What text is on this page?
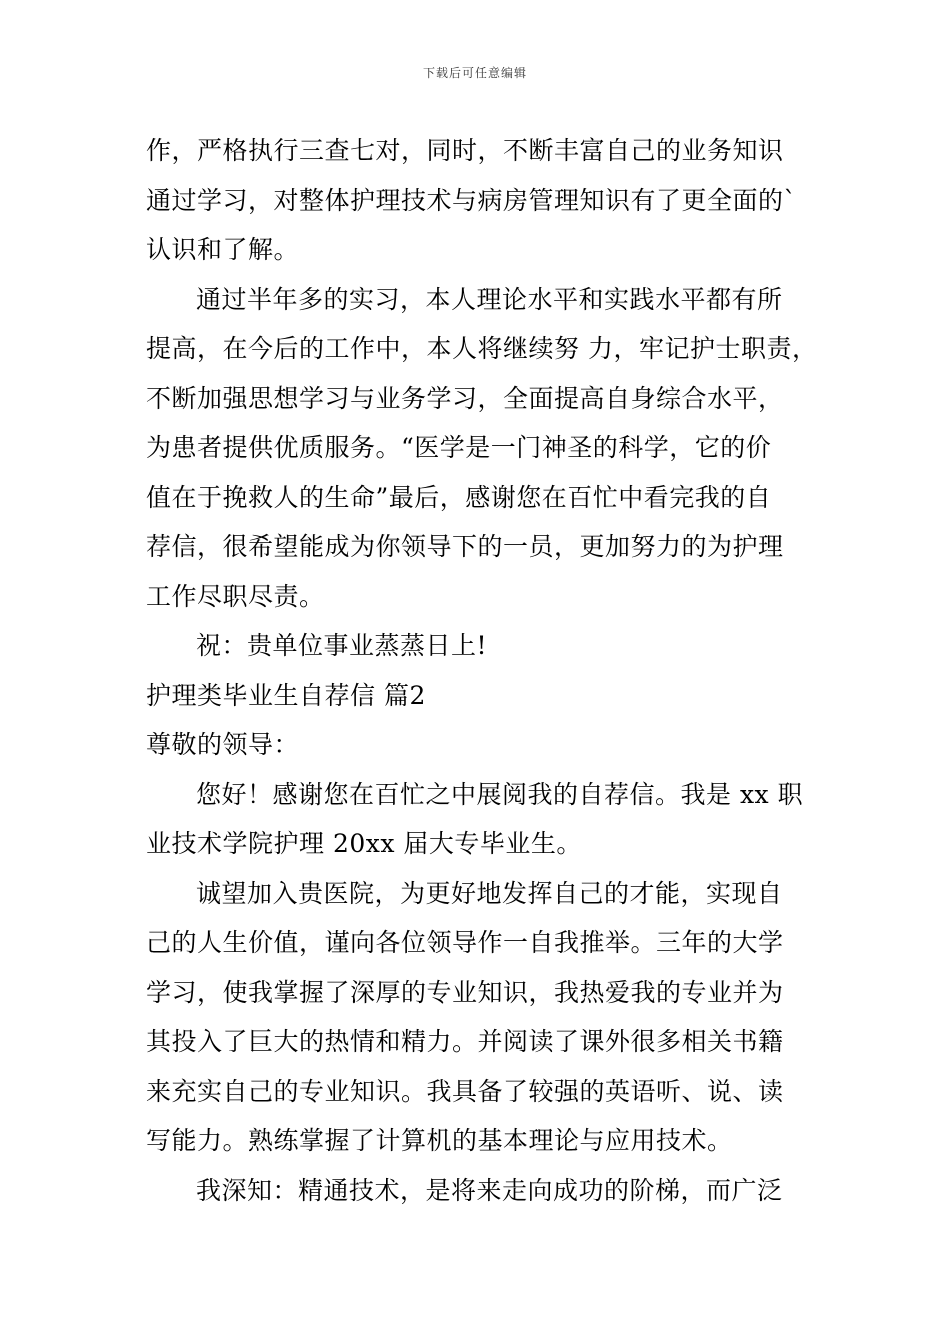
下载后可任意编辑
作，严格执行三查七对，同时，不断丰富自己的业务知识
通过学习，对整体护理技术与病房管理知识有了更全面的`
认识和了解。
通过半年多的实习，本人理论水平和实践水平都有所
提高，在今后的工作中，本人将继续努 力，牢记护士职责，
不断加强思想学习与业务学习，全面提高自身综合水平，
为患者提供优质服务。“医学是一门神圣的科学，它的价
值在于挽救人的生命”最后，感谢您在百忙中看完我的自
荐信，很希望能成为你领导下的一员，更加努力的为护理
工作尽职尽责。
祝：贵单位事业蒸蒸日上!
护理类毕业生自荐信 篇2
尊敬的领导：
您好！感谢您在百忙之中展阅我的自荐信。我是 xx 职
业技术学院护理 20xx 届大专毕业生。
诚望加入贵医院，为更好地发挥自己的才能，实现自
己的人生价值，谨向各位领导作一自我推举。三年的大学
学习，使我掌握了深厚的专业知识，我热爱我的专业并为
其投入了巨大的热情和精力。并阅读了课外很多相关书籍
来充实自己的专业知识。我具备了较强的英语听、说、读
写能力。熟练掌握了计算机的基本理论与应用技术。
我深知：精通技术，是将来走向成功的阶梯，而广泛
